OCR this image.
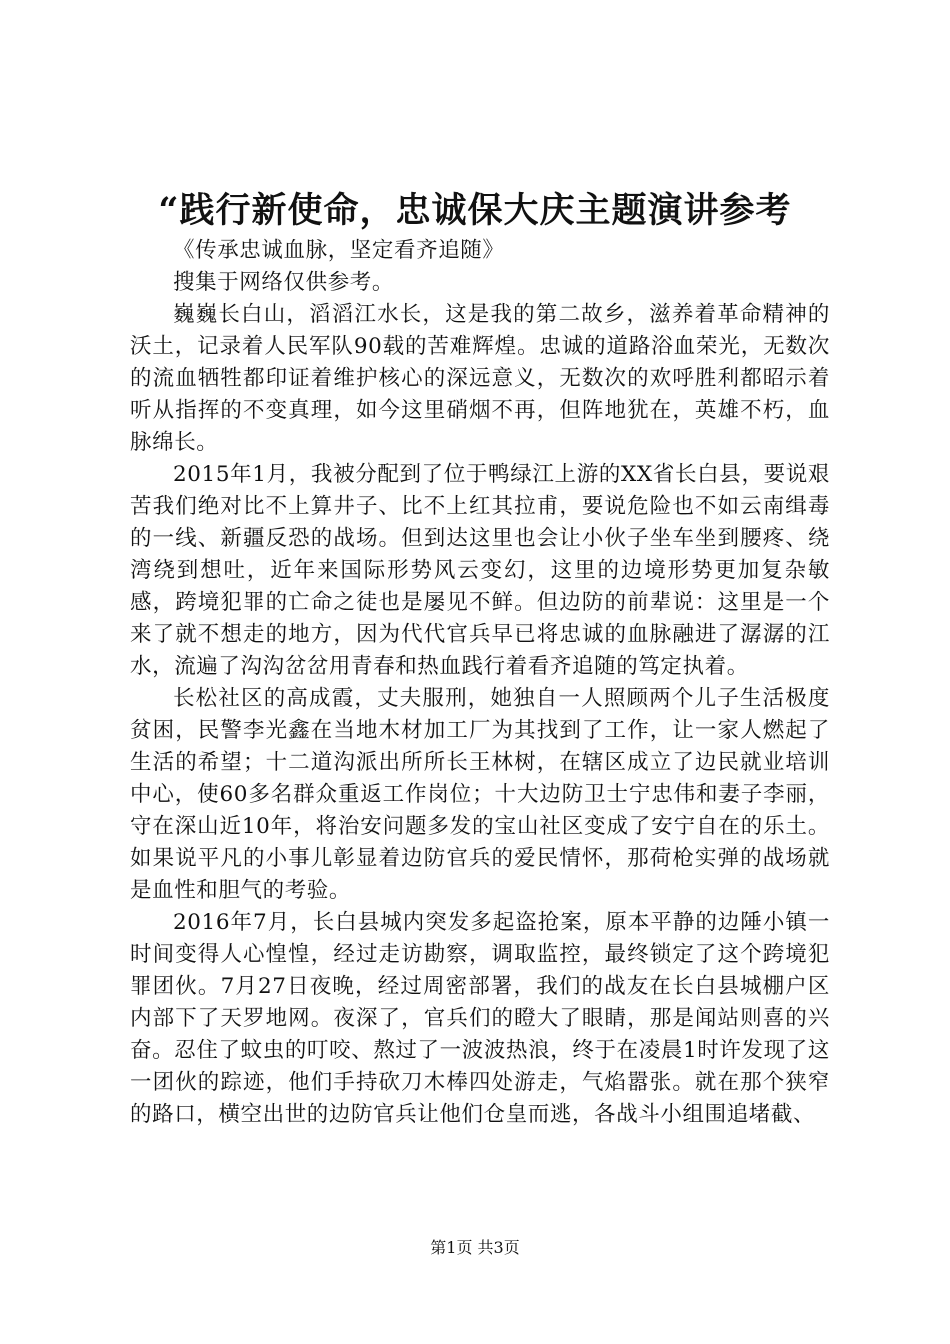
“践行新使命，忠诚保大庆主题演讲参考

《传承忠诚血脉，坚定看齐追随》

搜集于网络仅供参考。

巍巍长白山，滔滔江水长，这是我的第二故乡，滋养着革命精神的沃土，记录着人民军队90载的苦难辉煌。忠诚的道路浴血荣光，无数次的流血牺牲都印证着维护核心的深远意义，无数次的欢呼胜利都昭示着听从指挥的不变真理，如今这里硝烟不再，但阵地犹在，英雄不朽，血脉绵长。

2015年1月，我被分配到了位于鸭绿江上游的XX省长白县，要说艰苦我们绝对比不上算井子、比不上红其拉甫，要说危险也不如云南缉毒的一线、新疆反恐的战场。但到达这里也会让小伙子坐车坐到腰疼、绕湾绕到想吐，近年来国际形势风云变幻，这里的边境形势更加复杂敏感，跨境犯罪的亡命之徒也是屡见不鲜。但边防的前辈说：这里是一个来了就不想走的地方，因为代代官兵早已将忠诚的血脉融进了潺潺的江水，流遍了沟沟岔岔用青春和热血践行着看齐追随的笃定执着。

长松社区的高成霞，丈夫服刑，她独自一人照顾两个儿子生活极度贫困，民警李光鑫在当地木材加工厂为其找到了工作，让一家人燃起了生活的希望；十二道沟派出所所长王林树，在辖区成立了边民就业培训中心，使60多名群众重返工作岗位；十大边防卫士宁忠伟和妻子李丽，守在深山近10年，将治安问题多发的宝山社区变成了安宁自在的乐土。如果说平凡的小事儿彰显着边防官兵的爱民情怀，那荷枪实弹的战场就是血性和胆气的考验。

2016年7月，长白县城内突发多起盗抢案，原本平静的边陲小镇一时间变得人心惶惶，经过走访勘察，调取监控，最终锁定了这个跨境犯罪团伙。7月27日夜晚，经过周密部署，我们的战友在长白县城棚户区内部下了天罗地网。夜深了，官兵们的瞪大了眼睛，那是闻站则喜的兴奋。忍住了蚊虫的叮咬、熬过了一波波热浪，终于在凌晨1时许发现了这一团伙的踪迹，他们手持砍刀木棒四处游走，气焰嚣张。就在那个狭窄的路口，横空出世的边防官兵让他们仓皇而逃，各战斗小组围追堵截、

第1页 共3页
